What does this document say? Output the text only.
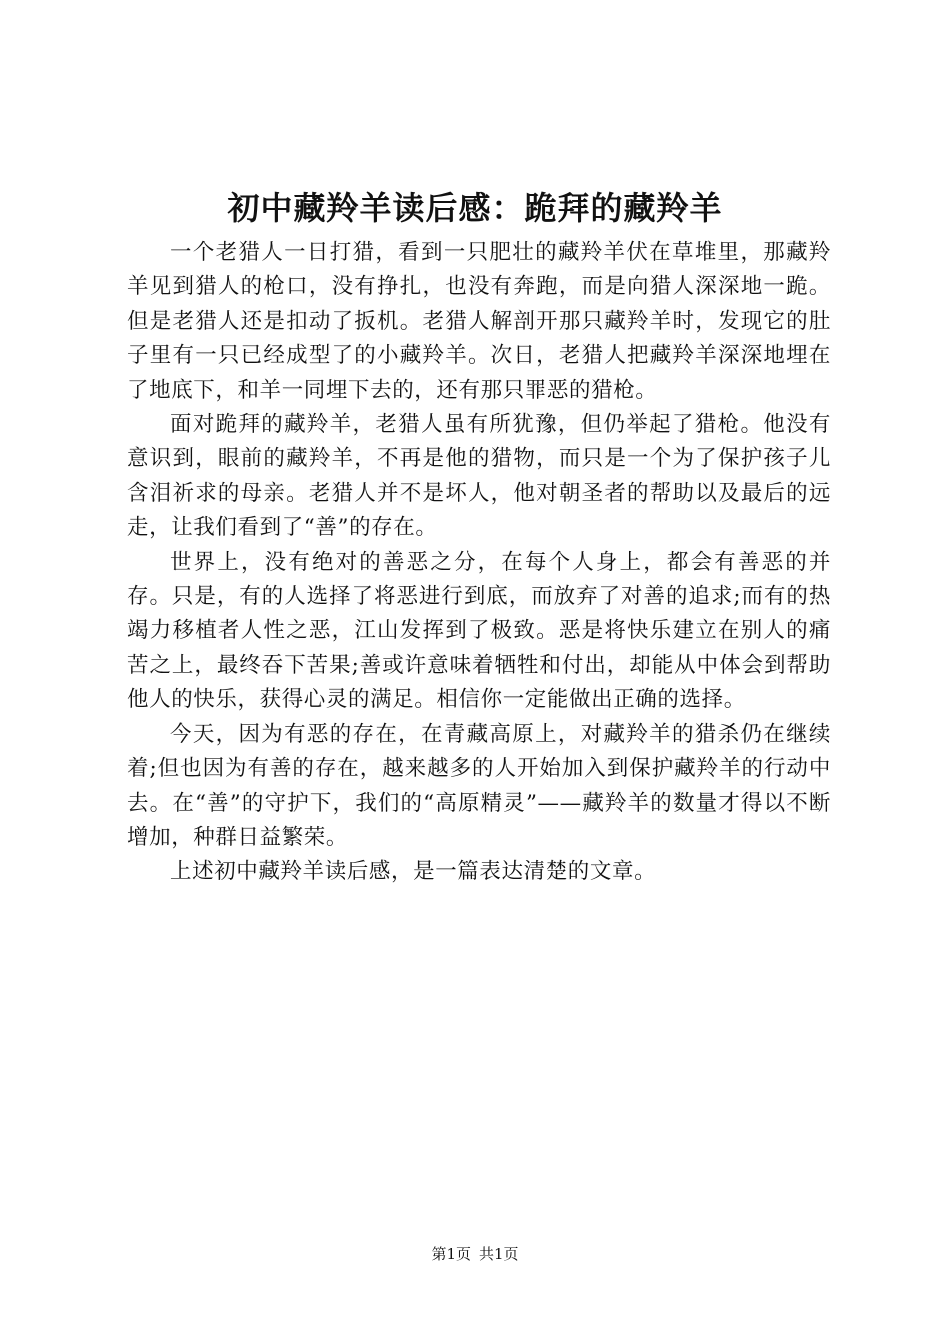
初中藏羚羊读后感：跪拜的藏羚羊

一个老猎人一日打猎，看到一只肥壮的藏羚羊伏在草堆里，那藏羚羊见到猎人的枪口，没有挣扎，也没有奔跑，而是向猎人深深地一跪。但是老猎人还是扣动了扳机。老猎人解剖开那只藏羚羊时，发现它的肚子里有一只已经成型了的小藏羚羊。次日，老猎人把藏羚羊深深地埋在了地底下，和羊一同埋下去的，还有那只罪恶的猎枪。

面对跪拜的藏羚羊，老猎人虽有所犹豫，但仍举起了猎枪。他没有意识到，眼前的藏羚羊，不再是他的猎物，而只是一个为了保护孩子儿含泪祈求的母亲。老猎人并不是坏人，他对朝圣者的帮助以及最后的远走，让我们看到了“善”的存在。

世界上，没有绝对的善恶之分，在每个人身上，都会有善恶的并存。只是，有的人选择了将恶进行到底，而放弃了对善的追求;而有的热竭力移植者人性之恶，江山发挥到了极致。恶是将快乐建立在别人的痛苦之上，最终吞下苦果;善或许意味着牺牲和付出，却能从中体会到帮助他人的快乐，获得心灵的满足。相信你一定能做出正确的选择。

今天，因为有恶的存在，在青藏高原上，对藏羚羊的猎杀仍在继续着;但也因为有善的存在，越来越多的人开始加入到保护藏羚羊的行动中去。在“善”的守护下，我们的“高原精灵”——藏羚羊的数量才得以不断增加，种群日益繁荣。

上述初中藏羚羊读后感，是一篇表达清楚的文章。

第1页 共1页
